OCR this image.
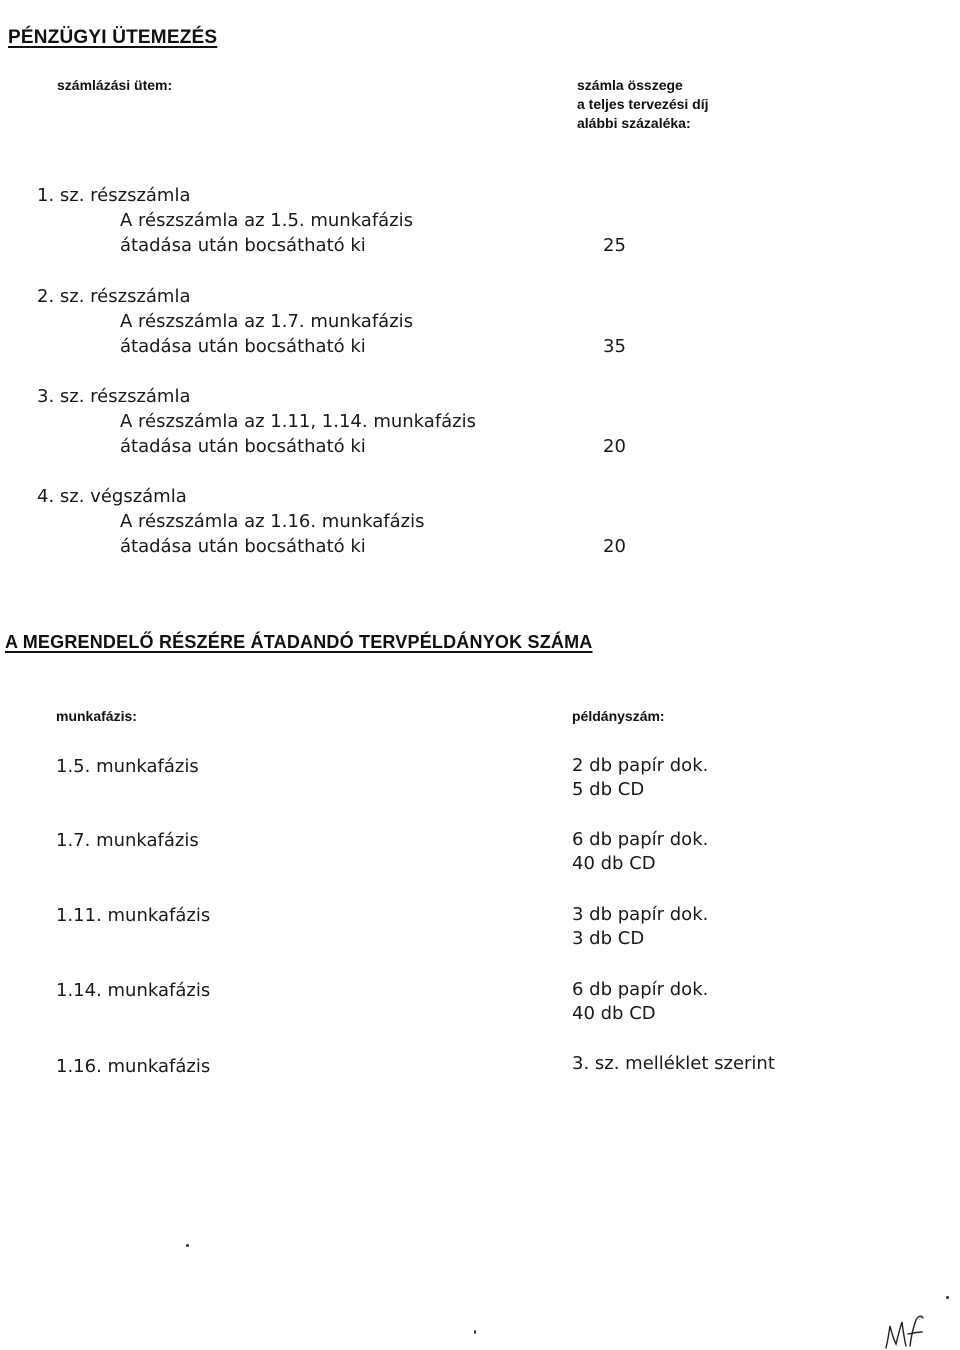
PÉNZÜGYI ÜTEMEZÉS
számlázási ütem:	számla összege
a teljes tervezési díj
alábbi százaléka:
1. sz. részszámla
A részszámla az 1.5. munkafázis
átadása után bocsátható ki	25
2. sz. részszámla
A részszámla az 1.7. munkafázis
átadása után bocsátható ki	35
3. sz. részszámla
A részszámla az 1.11, 1.14. munkafázis
átadása után bocsátható ki	20
4. sz. végszámla
A részszámla az 1.16. munkafázis
átadása után bocsátható ki	20
A MEGRENDELŐ RÉSZÉRE ÁTADANDÓ TERVPÉLDÁNYOK SZÁMA
munkafázis:	példányszám:
1.5. munkafázis	2 db papír dok.
5 db CD
1.7. munkafázis	6 db papír dok.
40 db CD
1.11. munkafázis	3 db papír dok.
3 db CD
1.14. munkafázis	6 db papír dok.
40 db CD
1.16. munkafázis	3. sz. melléklet szerint
